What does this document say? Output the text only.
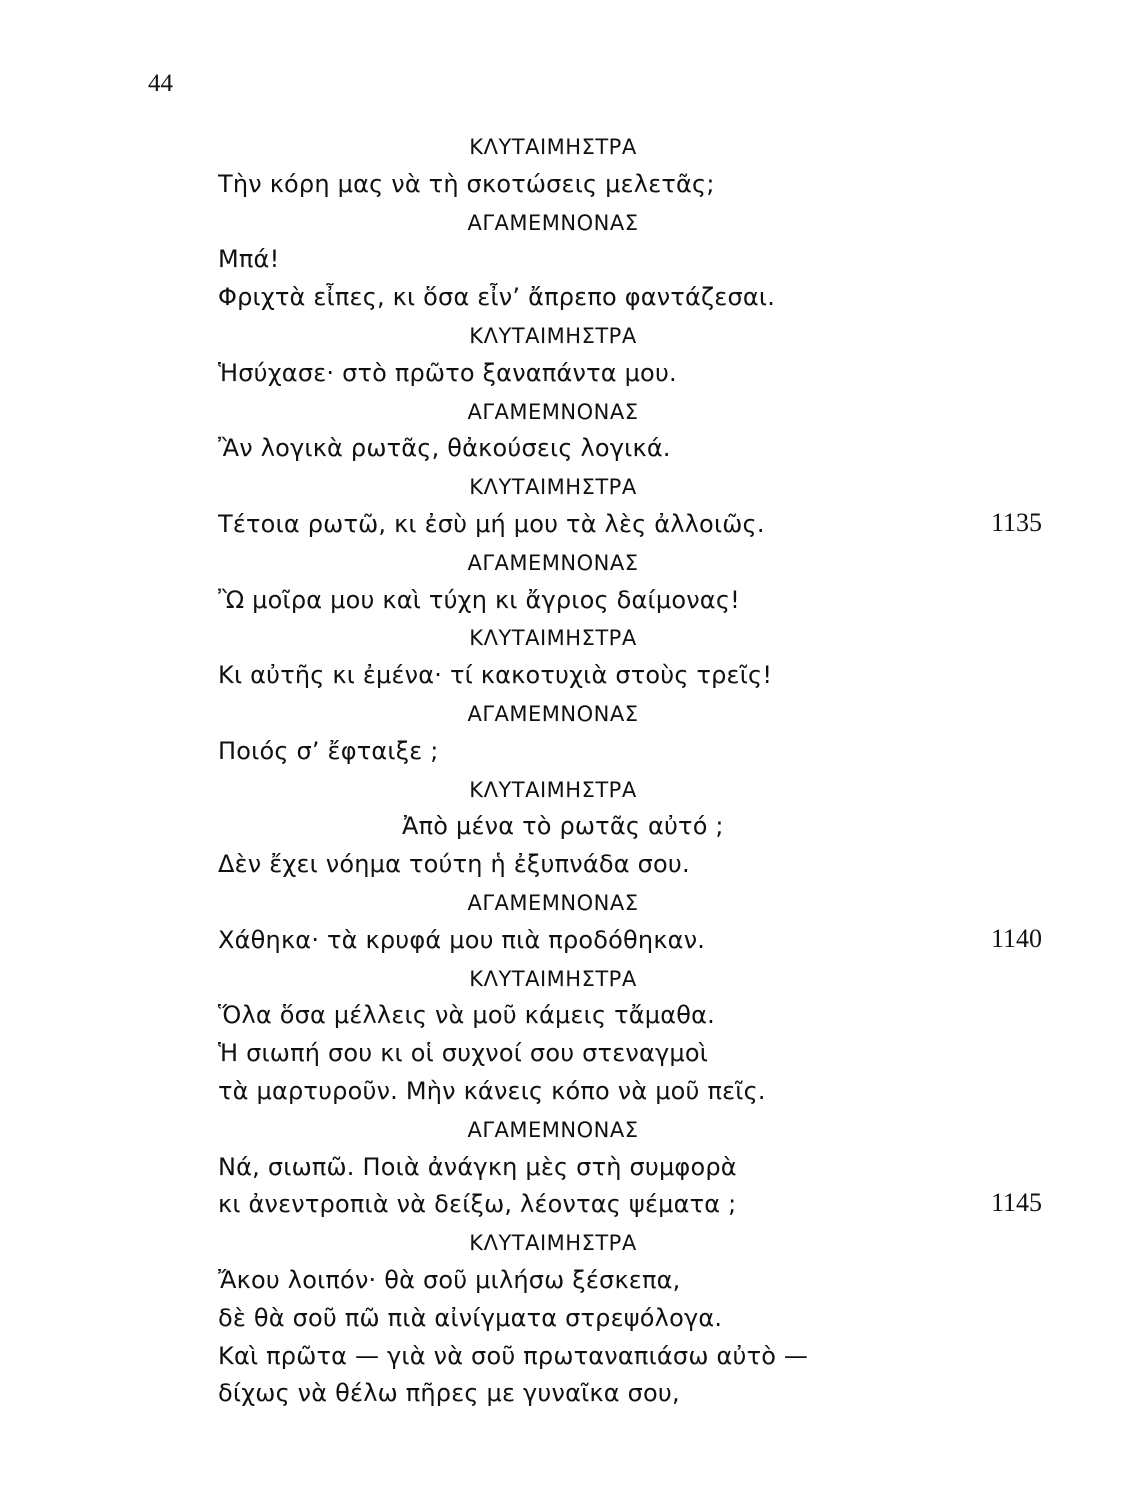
44
ΚΛΥΤΑΙΜΗΣΤΡΑ
Τὴν κόρη μας νὰ τὴ σκοτώσεις μελετᾶς;
ΑΓΑΜΕΜΝΟΝΑΣ
Μπά!
Φριχτὰ εἶπες, κι ὅσα εἶν’ ἄπρεπο φαντάζεσαι.
ΚΛΥΤΑΙΜΗΣΤΡΑ
Ἡσύχασε· στὸ πρῶτο ξαναπάντα μου.
ΑΓΑΜΕΜΝΟΝΑΣ
Ἂν λογικὰ ρωτᾶς, θἀκούσεις λογικά.
ΚΛΥΤΑΙΜΗΣΤΡΑ
Τέτοια ρωτῶ, κι ἐσὺ μή μου τὰ λὲς ἀλλοιῶς.	1135
ΑΓΑΜΕΜΝΟΝΑΣ
Ὢ μοῖρα μου καὶ τύχη κι ἄγριος δαίμονας!
ΚΛΥΤΑΙΜΗΣΤΡΑ
Κι αὐτῆς κι ἐμένα· τί κακοτυχιὰ στοὺς τρεῖς!
ΑΓΑΜΕΜΝΟΝΑΣ
Ποιός σ’ ἔφταιξε ;
ΚΛΥΤΑΙΜΗΣΤΡΑ
Ἀπὸ μένα τὸ ρωτᾶς αὐτό ;
Δὲν ἔχει νόημα τούτη ἡ ἐξυπνάδα σου.
ΑΓΑΜΕΜΝΟΝΑΣ
Χάθηκα· τὰ κρυφά μου πιὰ προδόθηκαν.	1140
ΚΛΥΤΑΙΜΗΣΤΡΑ
Ὅλα ὅσα μέλλεις νὰ μοῦ κάμεις τἄμαθα.
Ἡ σιωπή σου κι οἱ συχνοί σου στεναγμοὶ
τὰ μαρτυροῦν. Μὴν κάνεις κόπο νὰ μοῦ πεῖς.
ΑΓΑΜΕΜΝΟΝΑΣ
Νά, σιωπῶ. Ποιὰ ἀνάγκη μὲς στὴ συμφορὰ
κι ἀνεντροπιὰ νὰ δείξω, λέοντας ψέματα ;	1145
ΚΛΥΤΑΙΜΗΣΤΡΑ
Ἄκου λοιπόν· θὰ σοῦ μιλήσω ξέσκεπα,
δὲ θὰ σοῦ πῶ πιὰ αἰνίγματα στρεψόλογα.
Καὶ πρῶτα — γιὰ νὰ σοῦ πρωταναπιάσω αὐτὸ —
δίχως νὰ θέλω πῆρες με γυναῖκα σου,
